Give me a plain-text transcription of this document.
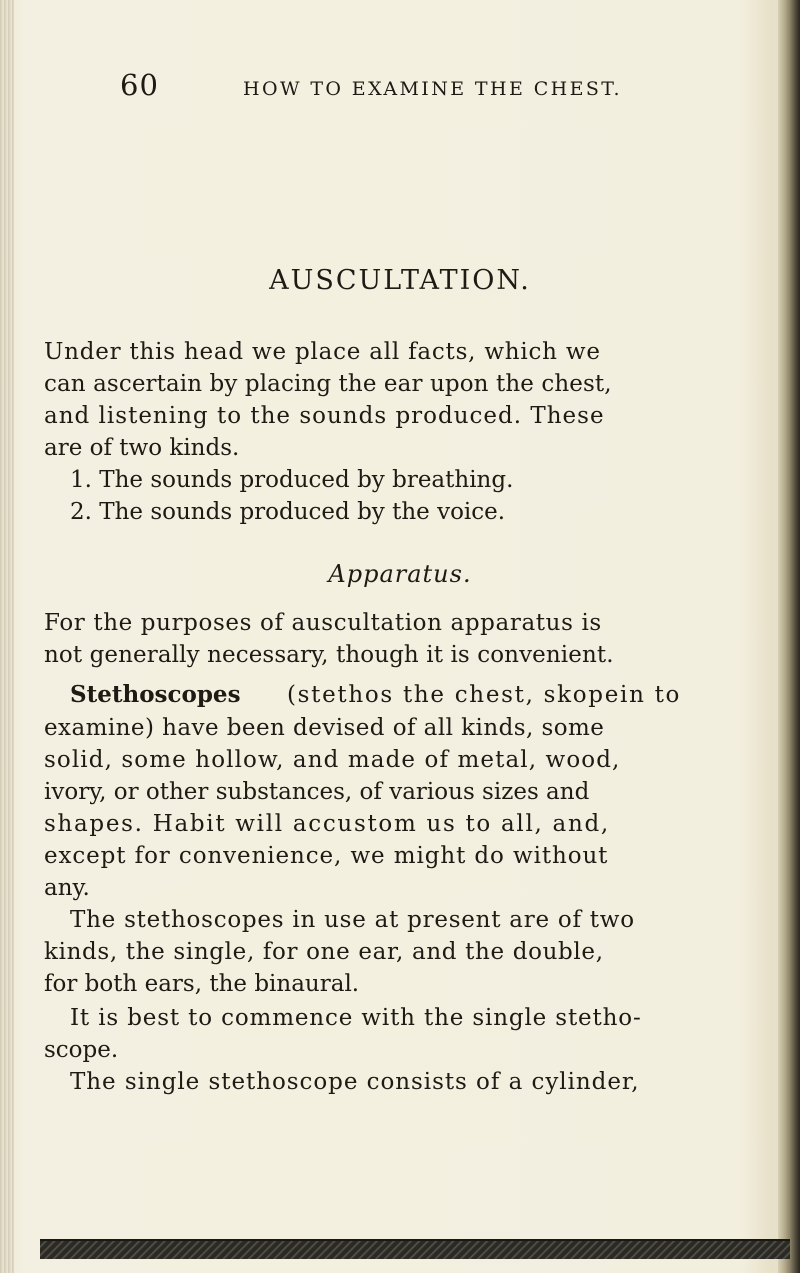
60	HOW TO EXAMINE THE CHEST.
AUSCULTATION.
Under this head we place all facts, which we
can ascertain by placing the ear upon the chest,
and listening to the sounds produced. These
are of two kinds.
1. The sounds produced by breathing.
2. The sounds produced by the voice.
Apparatus.
For the purposes of auscultation apparatus is
not generally necessary, though it is convenient.
Stethoscopes (stethos the chest, skopein to
examine) have been devised of all kinds, some
solid, some hollow, and made of metal, wood,
ivory, or other substances, of various sizes and
shapes. Habit will accustom us to all, and,
except for convenience, we might do without
any.
The stethoscopes in use at present are of two
kinds, the single, for one ear, and the double,
for both ears, the binaural.
It is best to commence with the single stetho-
scope.
The single stethoscope consists of a cylinder,
